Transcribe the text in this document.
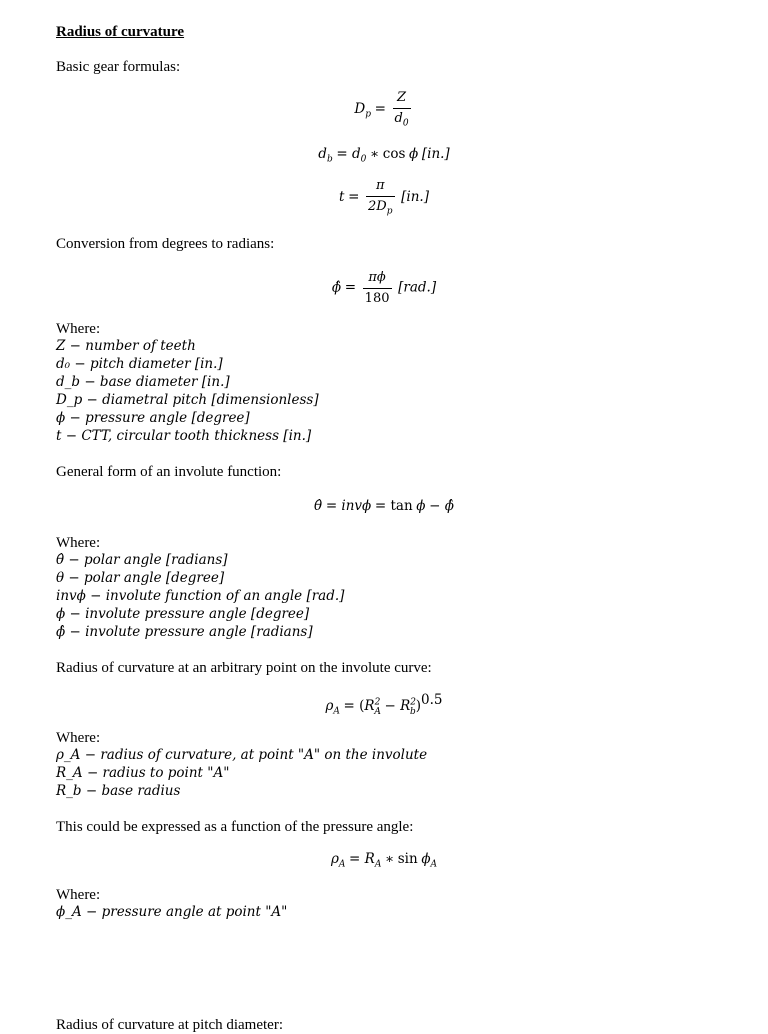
Radius of curvature
Basic gear formulas:
$D_p = \frac{Z}{d_0}$
$d_b = d_0$ ∗ cos ϕ [in.]
$t = \frac{\pi}{2D_p} [in.]$
Conversion from degrees to radians:
ϕ̂ = $\frac{\pi\phi}{180} [rad.]$
Where:
Z − number of teeth
d₀ − pitch diameter [in.]
d_b − base diameter [in.]
D_p − diametral pitch [dimensionless]
ϕ − pressure angle [degree]
t − CTT, circular tooth thickness [in.]
General form of an involute function:
θ̂ = invϕ = tan ϕ − ϕ̂
Where:
θ̂ − polar angle [radians]
θ − polar angle [degree]
invϕ − involute function of an angle [rad.]
ϕ − involute pressure angle [degree]
ϕ̂ − involute pressure angle [radians]
Radius of curvature at an arbitrary point on the involute curve:
$\rho_A = (R^2_A - R^2_b)^{0.5}$
Where:
ρ_A − radius of curvature, at point "A" on the involute
R_A − radius to point "A"
R_b − base radius
This could be expressed as a function of the pressure angle:
$\rho_A = R_A$ ∗ $\sin \phi_A$
Where:
ϕ_A − pressure angle at point "A"
Radius of curvature at pitch diameter:
